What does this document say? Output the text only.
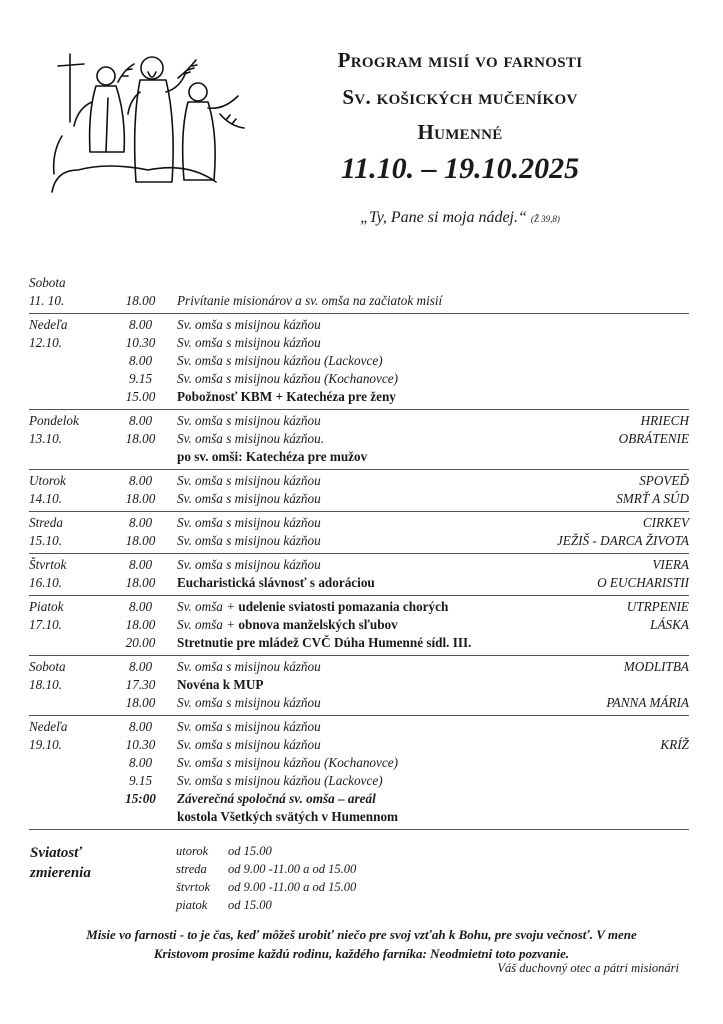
Program misií vo farnosti
Sv. košických mučeníkov
Humenné
11.10. – 19.10.2025
„Ty, Pane si moja nádej.“ (Ž 39,8)
Sobota
11. 10.	18.00	Privítanie misionárov a sv. omša na začiatok misií
Nedeľa	8.00	Sv. omša s misijnou kázňou
12.10.	10.30	Sv. omša s misijnou kázňou
8.00	Sv. omša s misijnou kázňou (Lackovce)
9.15	Sv. omša s misijnou kázňou (Kochanovce)
15.00	Pobožnosť KBM + Katechéza pre ženy
Pondelok	8.00	Sv. omša s misijnou kázňou	HRIECH
13.10.	18.00	Sv. omša s misijnou kázňou.	OBRÁTENIE
po sv. omši: Katechéza pre mužov
Utorok	8.00	Sv. omša s misijnou kázňou	SPOVEĎ
14.10.	18.00	Sv. omša s misijnou kázňou	SMRŤ A SÚD
Streda	8.00	Sv. omša s misijnou kázňou	CIRKEV
15.10.	18.00	Sv. omša s misijnou kázňou	JEŽIŠ - DARCA ŽIVOTA
Štvrtok	8.00	Sv. omša s misijnou kázňou	VIERA
16.10.	18.00	Eucharistická slávnosť s adoráciou	O EUCHARISTII
Piatok	8.00	Sv. omša + udelenie sviatosti pomazania chorých	UTRPENIE
17.10.	18.00	Sv. omša + obnova manželských sľubov	LÁSKA
20.00	Stretnutie pre mládež CVČ Dúha Humenné sídl. III.
Sobota	8.00	Sv. omša s misijnou kázňou	MODLITBA
18.10.	17.30	Novéna k MUP
18.00	Sv. omša s misijnou kázňou	PANNA MÁRIA
Nedeľa	8.00	Sv. omša s misijnou kázňou
19.10.	10.30	Sv. omša s misijnou kázňou	KRÍŽ
8.00	Sv. omša s misijnou kázňou (Kochanovce)
9.15	Sv. omša s misijnou kázňou (Lackovce)
15:00	Záverečná spoločná sv. omša – areál
kostola Všetkých svätých v Humennom
Sviatosť
zmierenia
utorok od 15.00
streda od 9.00 -11.00 a od 15.00
štvrtok od 9.00 -11.00 a od 15.00
piatok od 15.00
Misie vo farnosti - to je čas, keď môžeš urobiť niečo pre svoj vzťah k Bohu, pre svoju večnosť. V mene
Kristovom prosíme každú rodinu, každého farníka: Neodmietni toto pozvanie.
Váš duchovný otec a pátri misionári
